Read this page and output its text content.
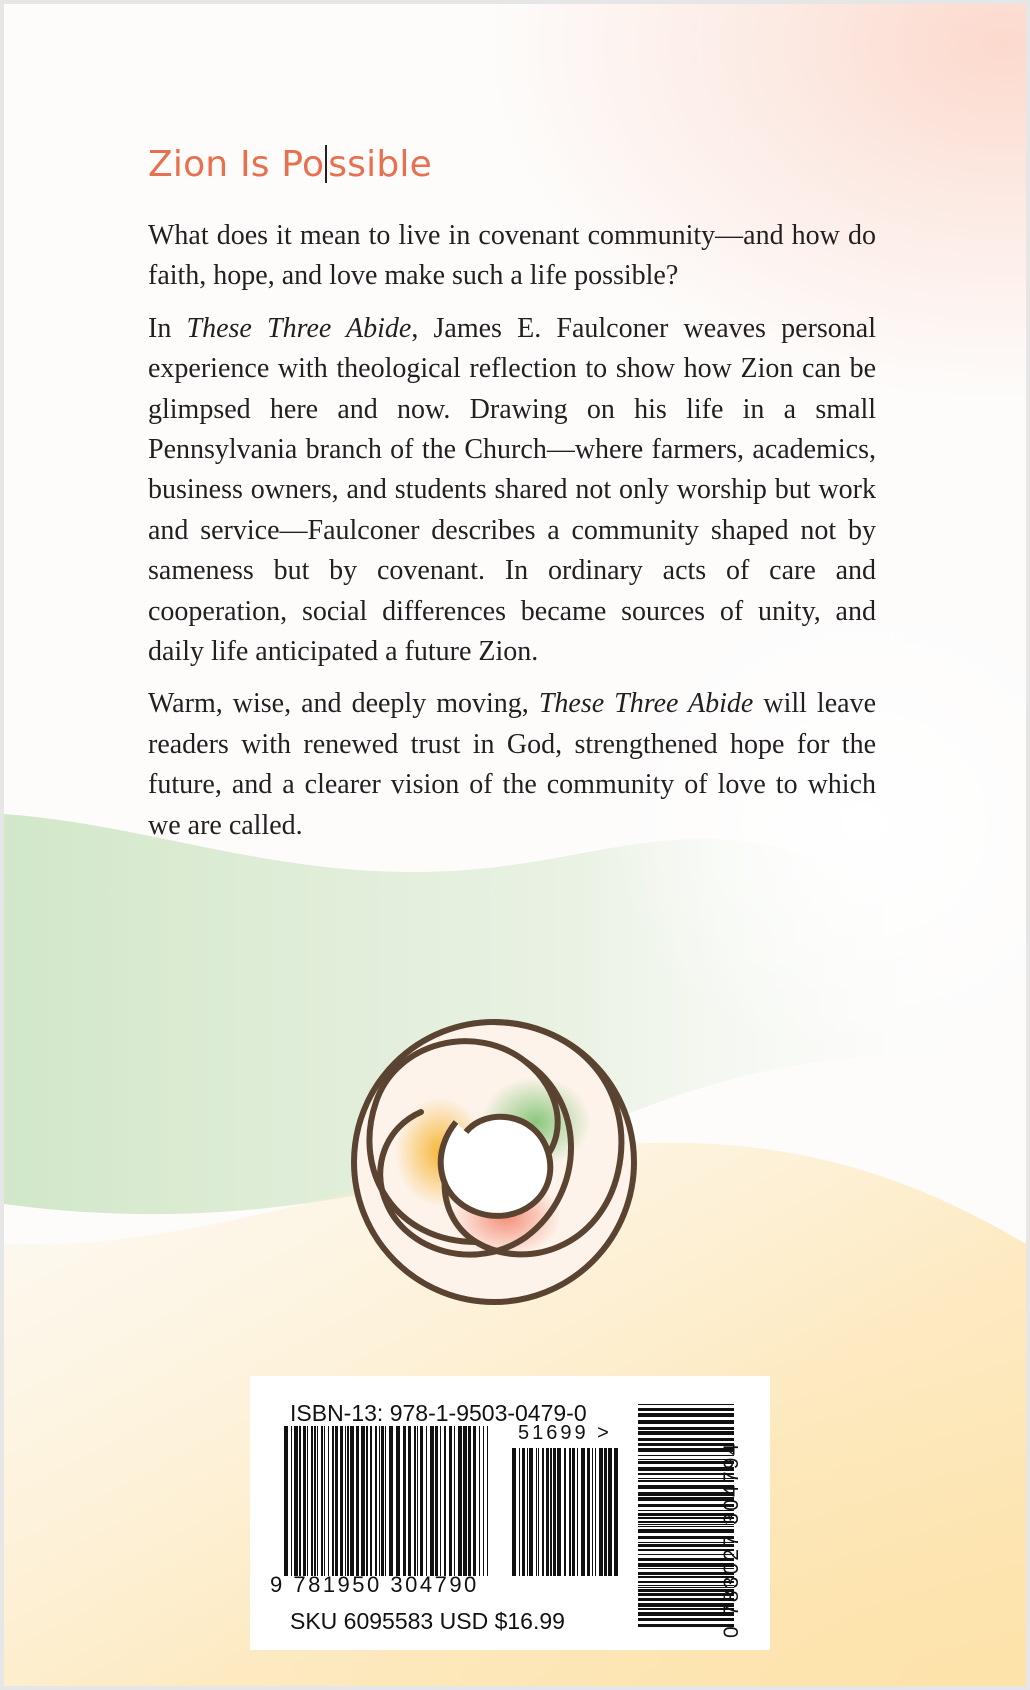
Zion Is Po ssible

What does it mean to live in covenant community—and how do faith, hope, and love make such a life possible?

In These Three Abide, James E. Faulconer weaves personal experience with theological reflection to show how Zion can be glimpsed here and now. Drawing on his life in a small Pennsylvania branch of the Church—where farmers, academics, business owners, and students shared not only worship but work and service—Faulconer describes a community shaped not by sameness but by covenant. In ordinary acts of care and cooperation, social differences became sources of unity, and daily life anticipated a future Zion.

Warm, wise, and deeply moving, These Three Abide will leave readers with renewed trust in God, strengthened hope for the future, and a clearer vision of the community of love to which we are called.

ISBN-13: 978-1-9503-0479-0
51699 >
9 781950 304790
SKU 6095583 USD $16.99	0 783027 304794
